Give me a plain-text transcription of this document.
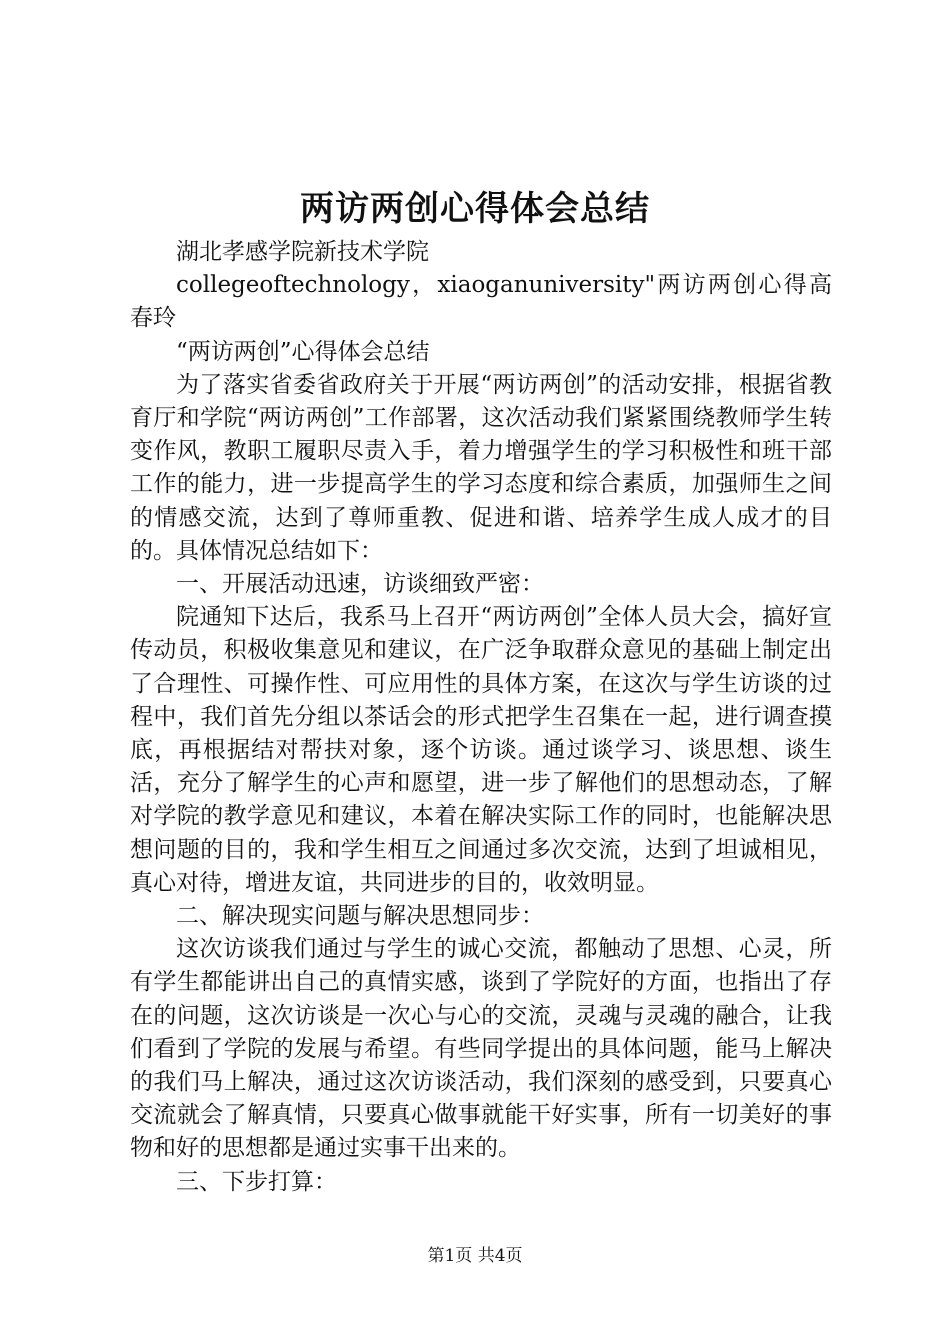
两访两创心得体会总结

湖北孝感学院新技术学院

collegeoftechnology，xiaoganuniversity"两访两创心得高春玲

“两访两创”心得体会总结

为了落实省委省政府关于开展“两访两创”的活动安排，根据省教育厅和学院“两访两创”工作部署，这次活动我们紧紧围绕教师学生转变作风，教职工履职尽责入手，着力增强学生的学习积极性和班干部工作的能力，进一步提高学生的学习态度和综合素质，加强师生之间的情感交流，达到了尊师重教、促进和谐、培养学生成人成才的目的。具体情况总结如下：

一、开展活动迅速，访谈细致严密：

院通知下达后，我系马上召开“两访两创”全体人员大会，搞好宣传动员，积极收集意见和建议，在广泛争取群众意见的基础上制定出了合理性、可操作性、可应用性的具体方案，在这次与学生访谈的过程中，我们首先分组以茶话会的形式把学生召集在一起，进行调查摸底，再根据结对帮扶对象，逐个访谈。通过谈学习、谈思想、谈生活，充分了解学生的心声和愿望，进一步了解他们的思想动态，了解对学院的教学意见和建议，本着在解决实际工作的同时，也能解决思想问题的目的，我和学生相互之间通过多次交流，达到了坦诚相见，真心对待，增进友谊，共同进步的目的，收效明显。

二、解决现实问题与解决思想同步：

这次访谈我们通过与学生的诚心交流，都触动了思想、心灵，所有学生都能讲出自己的真情实感，谈到了学院好的方面，也指出了存在的问题，这次访谈是一次心与心的交流，灵魂与灵魂的融合，让我们看到了学院的发展与希望。有些同学提出的具体问题，能马上解决的我们马上解决，通过这次访谈活动，我们深刻的感受到，只要真心交流就会了解真情，只要真心做事就能干好实事，所有一切美好的事物和好的思想都是通过实事干出来的。

三、下步打算：

第1页 共4页
